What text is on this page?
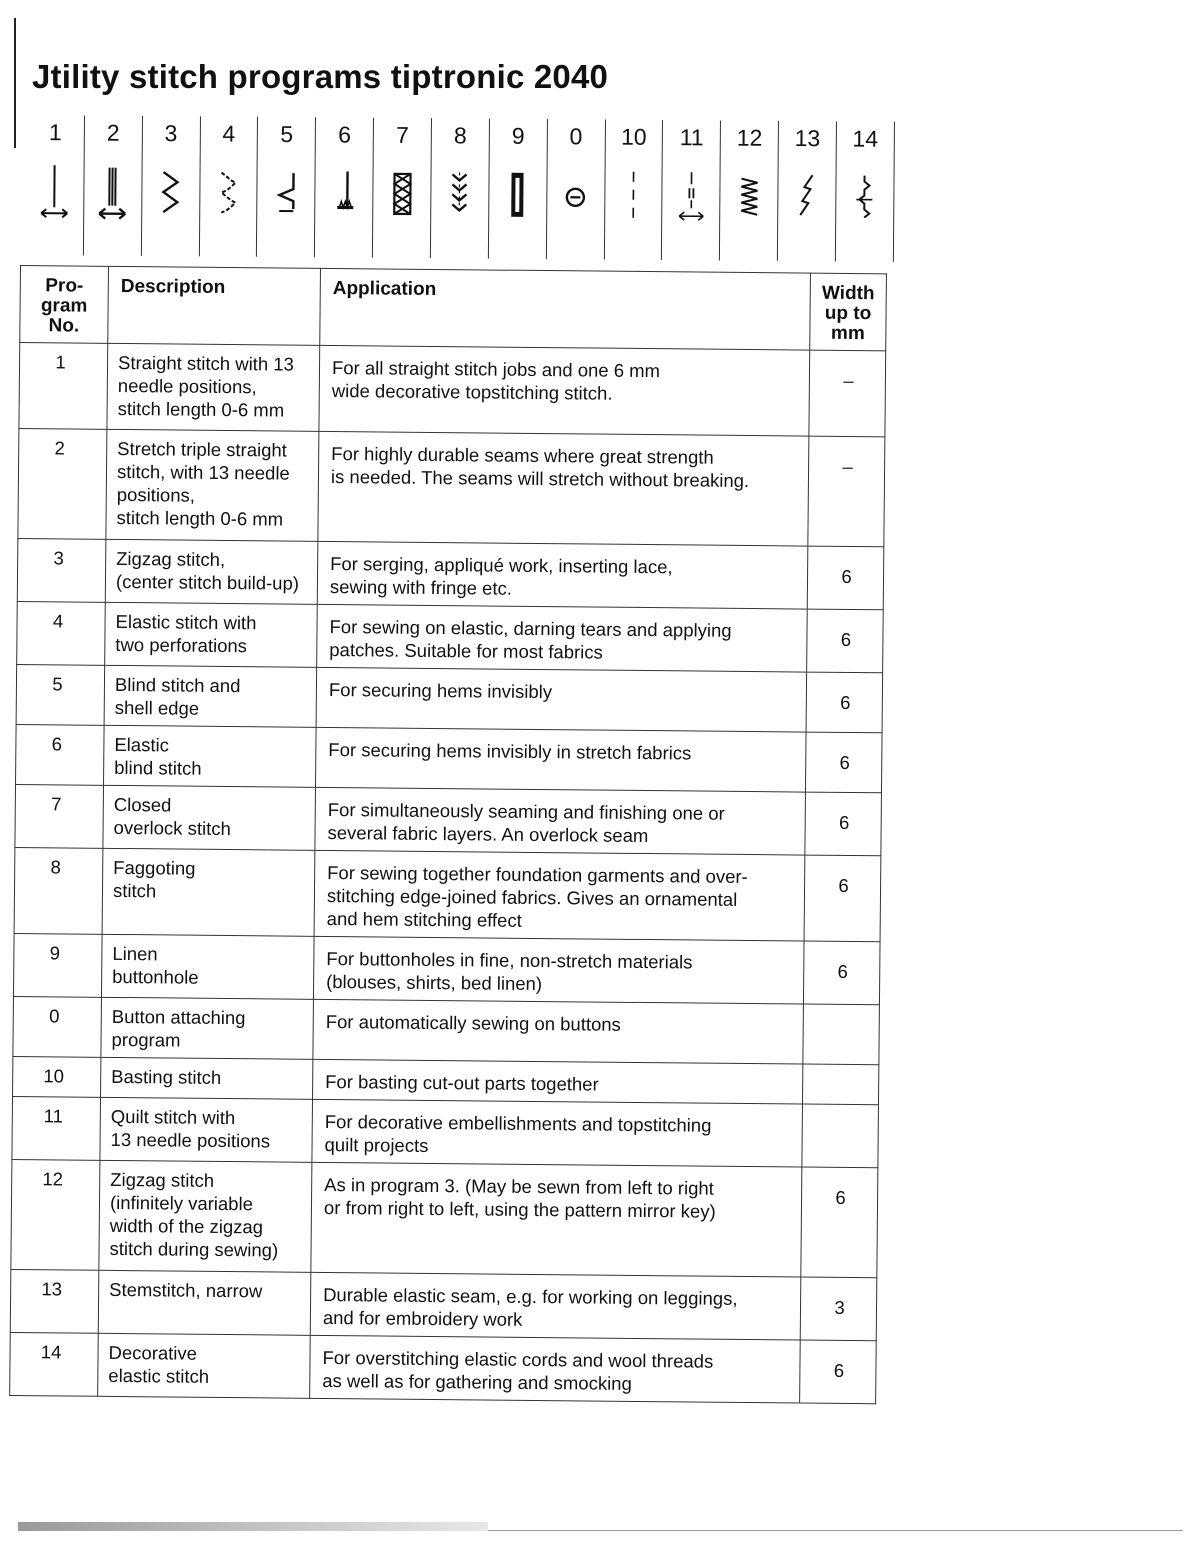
Jtility stitch programs tiptronic 2040
1 2 3 4 5 6 7 8 9 0 10 11 12 13 14
Pro-
gram
No.	Description	Application	Width
up to
mm
1	Straight stitch with 13
needle positions,
stitch length 0-6 mm	For all straight stitch jobs and one 6 mm
wide decorative topstitching stitch.	–
2	Stretch triple straight
stitch, with 13 needle
positions,
stitch length 0-6 mm	For highly durable seams where great strength
is needed. The seams will stretch without breaking.	–
3	Zigzag stitch,
(center stitch build-up)	For serging, appliqué work, inserting lace,
sewing with fringe etc.	6
4	Elastic stitch with
two perforations	For sewing on elastic, darning tears and applying
patches. Suitable for most fabrics	6
5	Blind stitch and
shell edge	For securing hems invisibly	6
6	Elastic
blind stitch	For securing hems invisibly in stretch fabrics	6
7	Closed
overlock stitch	For simultaneously seaming and finishing one or
several fabric layers. An overlock seam	6
8	Faggoting
stitch	For sewing together foundation garments and over-
stitching edge-joined fabrics. Gives an ornamental
and hem stitching effect	6
9	Linen
buttonhole	For buttonholes in fine, non-stretch materials
(blouses, shirts, bed linen)	6
0	Button attaching
program	For automatically sewing on buttons	
10	Basting stitch	For basting cut-out parts together	
11	Quilt stitch with
13 needle positions	For decorative embellishments and topstitching
quilt projects	
12	Zigzag stitch
(infinitely variable
width of the zigzag
stitch during sewing)	As in program 3. (May be sewn from left to right
or from right to left, using the pattern mirror key)	6
13	Stemstitch, narrow	Durable elastic seam, e.g. for working on leggings,
and for embroidery work	3
14	Decorative
elastic stitch	For overstitching elastic cords and wool threads
as well as for gathering and smocking	6
